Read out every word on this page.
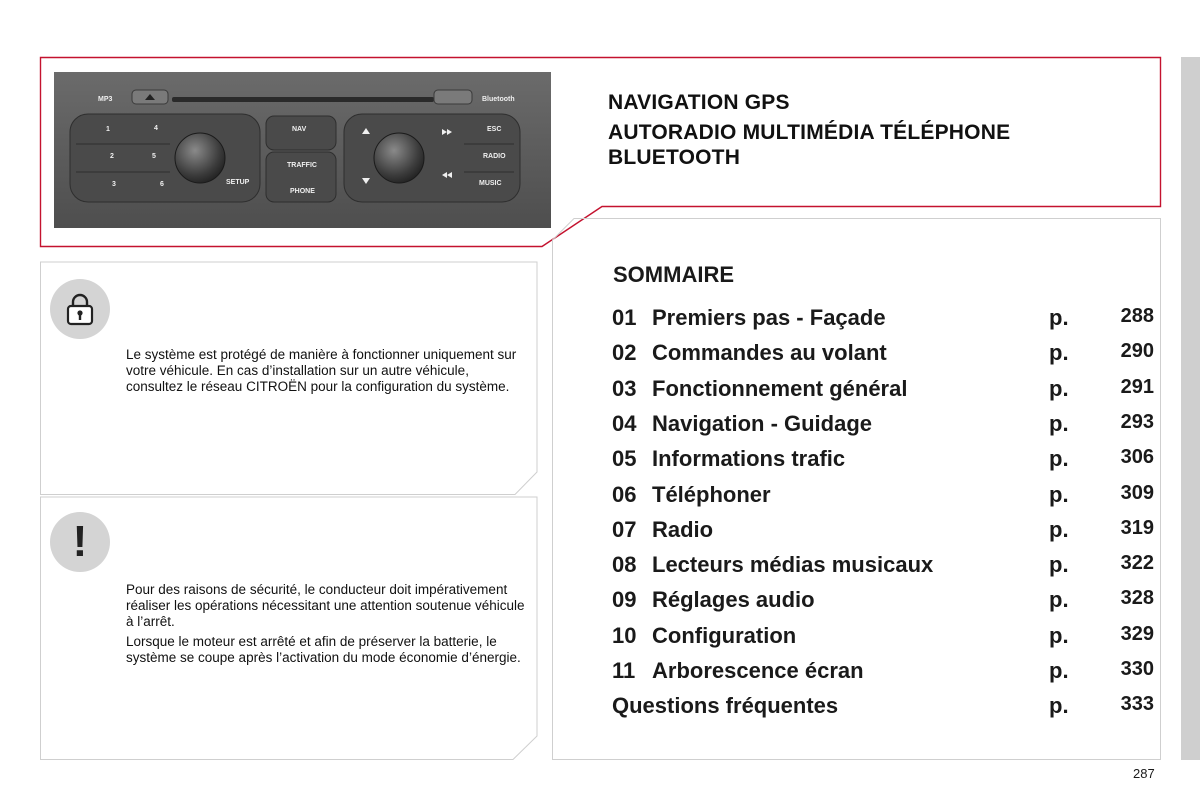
MP3	Bluetooth
NAV
TRAFFIC
PHONE
SETUP
ESC
RADIO
MUSIC
1
2
3
4
5
6
NAVIGATION GPS
AUTORADIO MULTIMÉDIA TÉLÉPHONE
BLUETOOTH

Le système est protégé de manière à fonctionner uniquement sur votre véhicule. En cas d’installation sur un autre véhicule, consultez le réseau CITROËN pour la configuration du système.

!

Pour des raisons de sécurité, le conducteur doit impérativement réaliser les opérations nécessitant une attention soutenue véhicule à l’arrêt.

Lorsque le moteur est arrêté et afin de préserver la batterie, le système se coupe après l’activation du mode économie d’énergie.

SOMMAIRE
01 Premiers pas - Façade	p.	288
02 Commandes au volant	p.	290
03 Fonctionnement général	p.	291
04 Navigation - Guidage	p.	293
05 Informations trafic	p.	306
06 Téléphoner	p.	309
07 Radio	p.	319
08 Lecteurs médias musicaux	p.	322
09 Réglages audio	p.	328
10 Configuration	p.	329
11 Arborescence écran	p.	330
Questions fréquentes	p.	333
287
